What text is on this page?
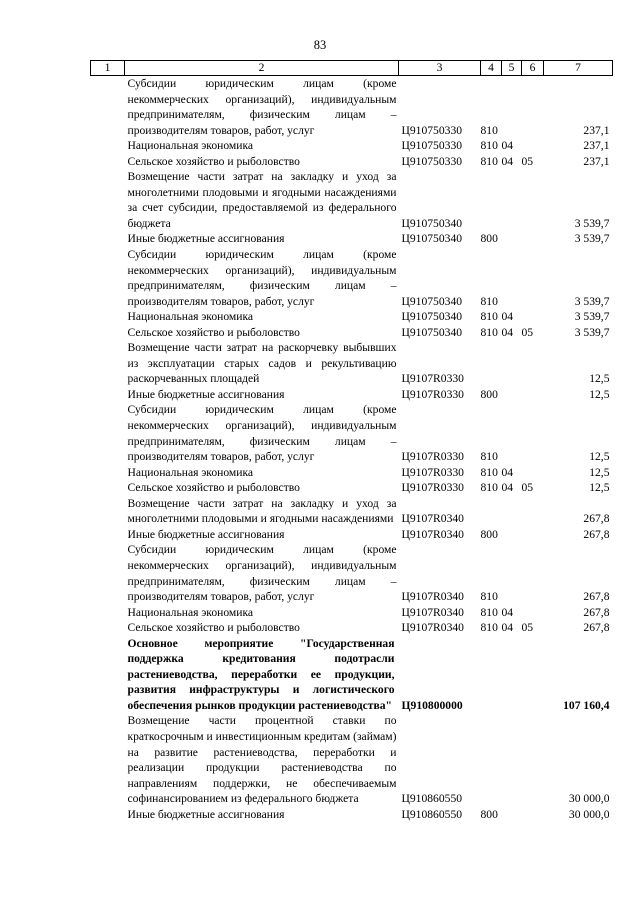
83
1	2	3	4	5	6	7
	Субсидии юридическим лицам (кроме некоммерческих организаций), индивидуальным предпринимателям, физическим лицам – производителям товаров, работ, услуг	Ц910750330	810			237,1
	Национальная экономика	Ц910750330	810	04		237,1
	Сельское хозяйство и рыболовство	Ц910750330	810	04	05	237,1
	Возмещение части затрат на закладку и уход за многолетними плодовыми и ягодными насаждениями за счет субсидии, предоставляемой из федерального бюджета	Ц910750340				3 539,7
	Иные бюджетные ассигнования	Ц910750340	800			3 539,7
	Субсидии юридическим лицам (кроме некоммерческих организаций), индивидуальным предпринимателям, физическим лицам – производителям товаров, работ, услуг	Ц910750340	810			3 539,7
	Национальная экономика	Ц910750340	810	04		3 539,7
	Сельское хозяйство и рыболовство	Ц910750340	810	04	05	3 539,7
	Возмещение части затрат на раскорчевку выбывших из эксплуатации старых садов и рекультивацию раскорчеванных площадей	Ц9107R0330				12,5
	Иные бюджетные ассигнования	Ц9107R0330	800			12,5
	Субсидии юридическим лицам (кроме некоммерческих организаций), индивидуальным предпринимателям, физическим лицам – производителям товаров, работ, услуг	Ц9107R0330	810			12,5
	Национальная экономика	Ц9107R0330	810	04		12,5
	Сельское хозяйство и рыболовство	Ц9107R0330	810	04	05	12,5
	Возмещение части затрат на закладку и уход за многолетними плодовыми и ягодными насаждениями	Ц9107R0340				267,8
	Иные бюджетные ассигнования	Ц9107R0340	800			267,8
	Субсидии юридическим лицам (кроме некоммерческих организаций), индивидуальным предпринимателям, физическим лицам – производителям товаров, работ, услуг	Ц9107R0340	810			267,8
	Национальная экономика	Ц9107R0340	810	04		267,8
	Сельское хозяйство и рыболовство	Ц9107R0340	810	04	05	267,8
	Основное мероприятие "Государственная поддержка кредитования подотрасли растениеводства, переработки ее продукции, развития инфраструктуры и логистического обеспечения рынков продукции растениеводства"	Ц910800000				107 160,4
	Возмещение части процентной ставки по краткосрочным и инвестиционным кредитам (займам) на развитие растениеводства, переработки и реализации продукции растениеводства по направлениям поддержки, не обеспечиваемым софинансированием из федерального бюджета	Ц910860550				30 000,0
	Иные бюджетные ассигнования	Ц910860550	800			30 000,0
